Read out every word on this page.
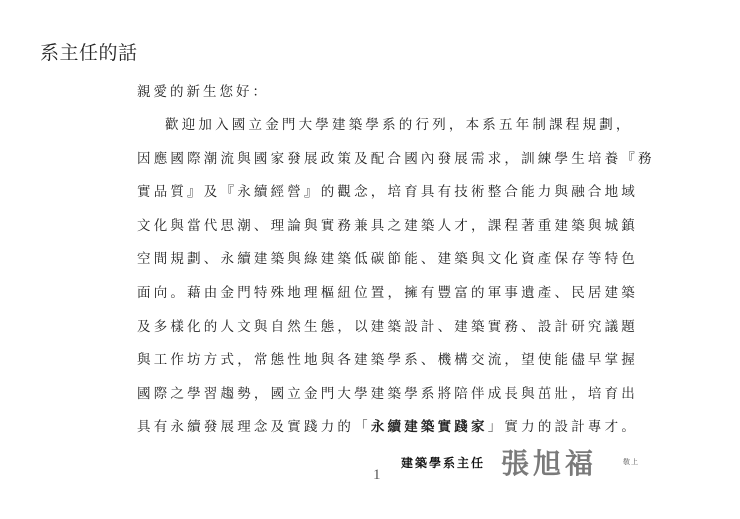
系主任的話
親愛的新生您好：
歡迎加入國立金門大學建築學系的行列，本系五年制課程規劃，
因應國際潮流與國家發展政策及配合國內發展需求，訓練學生培養『務
實品質』及『永續經營』的觀念，培育具有技術整合能力與融合地域
文化與當代思潮、理論與實務兼具之建築人才，課程著重建築與城鎮
空間規劃、永續建築與綠建築低碳節能、建築與文化資產保存等特色
面向。藉由金門特殊地理樞紐位置，擁有豐富的軍事遺產、民居建築
及多樣化的人文與自然生態，以建築設計、建築實務、設計研究議題
與工作坊方式，常態性地與各建築學系、機構交流，望使能儘早掌握
國際之學習趨勢，國立金門大學建築學系將陪伴成長與茁壯，培育出
具有永續發展理念及實踐力的「永續建築實踐家」實力的設計專才。
建築學系主任 張旭福	敬上
1
